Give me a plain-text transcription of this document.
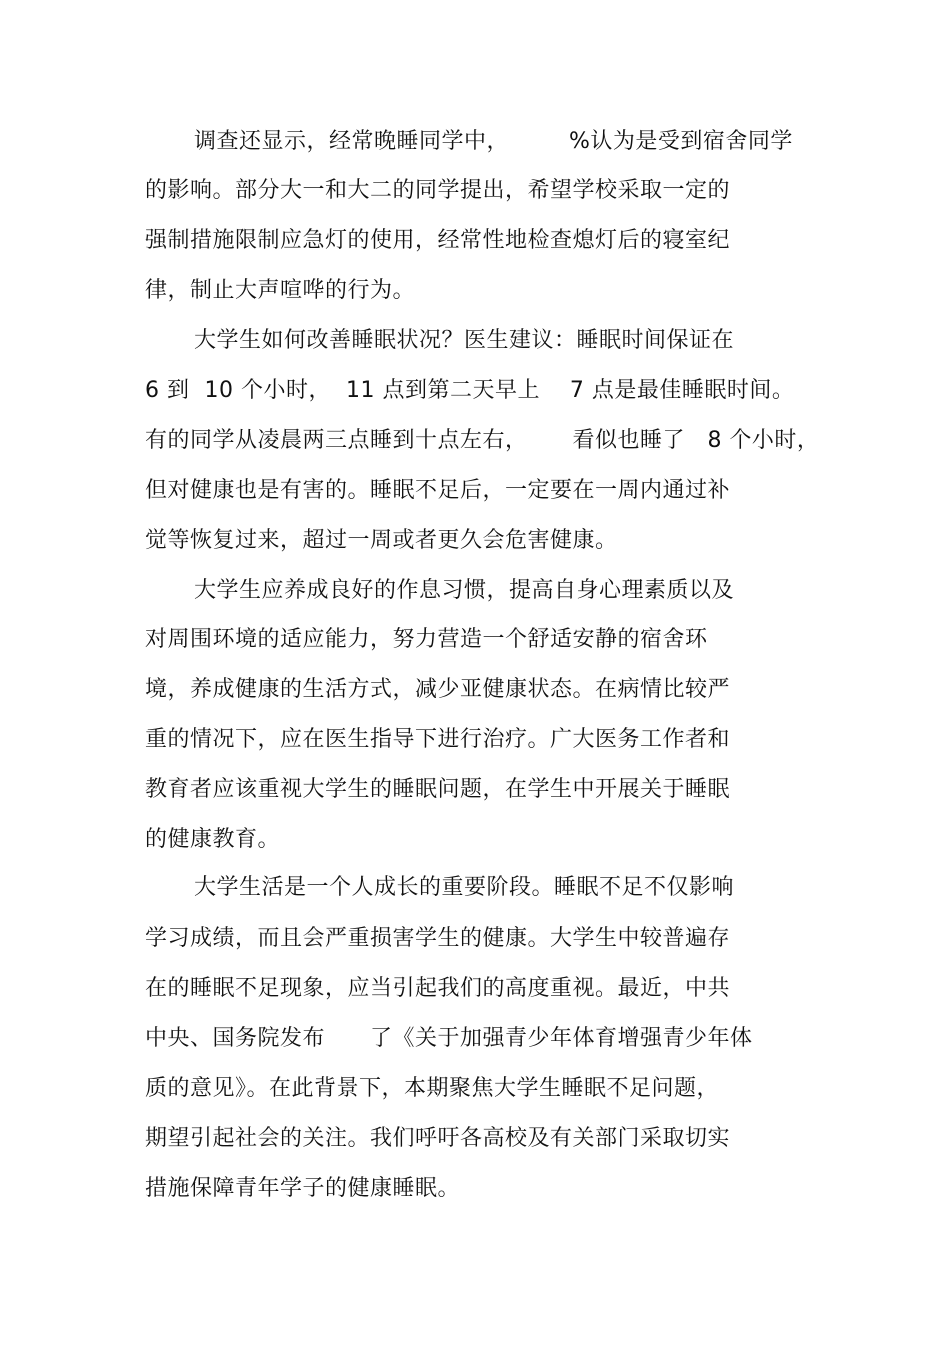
调查还显示，经常晚睡同学中，        %认为是受到宿舍同学
的影响。部分大一和大二的同学提出，希望学校采取一定的
强制措施限制应急灯的使用，经常性地检查熄灯后的寝室纪
律，制止大声喧哗的行为。
大学生如何改善睡眠状况？医生建议：睡眠时间保证在
6 到  10 个小时，  11 点到第二天早上    7 点是最佳睡眠时间。
有的同学从凌晨两三点睡到十点左右，      看似也睡了   8 个小时，
但对健康也是有害的。睡眠不足后，一定要在一周内通过补
觉等恢复过来，超过一周或者更久会危害健康。
大学生应养成良好的作息习惯，提高自身心理素质以及
对周围环境的适应能力，努力营造一个舒适安静的宿舍环
境，养成健康的生活方式，减少亚健康状态。在病情比较严
重的情况下，应在医生指导下进行治疗。广大医务工作者和
教育者应该重视大学生的睡眠问题，在学生中开展关于睡眠
的健康教育。
大学生活是一个人成长的重要阶段。睡眠不足不仅影响
学习成绩，而且会严重损害学生的健康。大学生中较普遍存
在的睡眠不足现象，应当引起我们的高度重视。最近，中共
中央、国务院发布      了《关于加强青少年体育增强青少年体
质的意见》。在此背景下，本期聚焦大学生睡眠不足问题，
期望引起社会的关注。我们呼吁各高校及有关部门采取切实
措施保障青年学子的健康睡眠。
